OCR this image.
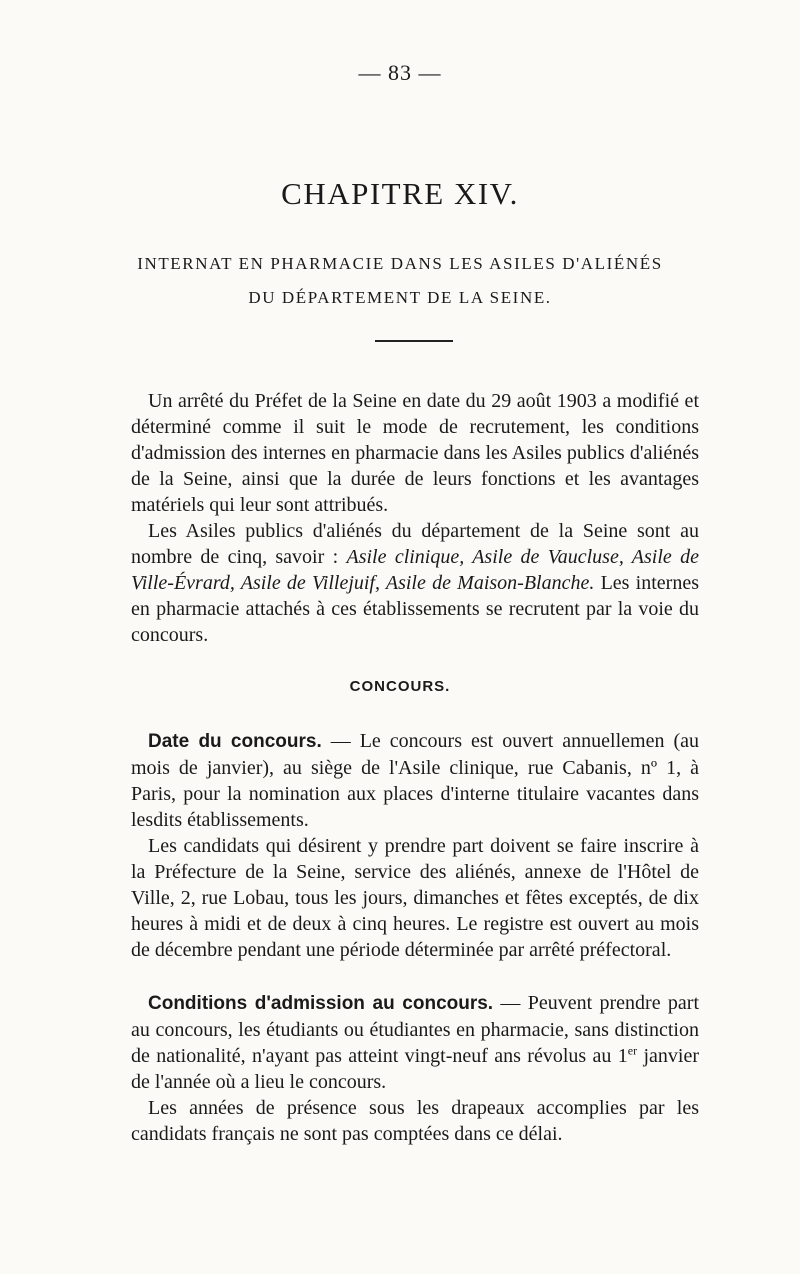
— 83 —
CHAPITRE XIV.
INTERNAT EN PHARMACIE DANS LES ASILES D'ALIÉNÉS
DU DÉPARTEMENT DE LA SEINE.

Un arrêté du Préfet de la Seine en date du 29 août 1903 a modifié et déterminé comme il suit le mode de recrutement, les conditions d'admission des internes en pharmacie dans les Asiles publics d'aliénés de la Seine, ainsi que la durée de leurs fonctions et les avantages matériels qui leur sont attribués.

Les Asiles publics d'aliénés du département de la Seine sont au nombre de cinq, savoir : Asile clinique, Asile de Vaucluse, Asile de Ville-Évrard, Asile de Villejuif, Asile de Maison-Blanche. Les internes en pharmacie attachés à ces établissements se recrutent par la voie du concours.

CONCOURS.

Date du concours. — Le concours est ouvert annuellemen (au mois de janvier), au siège de l'Asile clinique, rue Cabanis, nº 1, à Paris, pour la nomination aux places d'interne titulaire vacantes dans lesdits établissements.

Les candidats qui désirent y prendre part doivent se faire inscrire à la Préfecture de la Seine, service des aliénés, annexe de l'Hôtel de Ville, 2, rue Lobau, tous les jours, dimanches et fêtes exceptés, de dix heures à midi et de deux à cinq heures. Le registre est ouvert au mois de décembre pendant une période déterminée par arrêté préfectoral.

Conditions d'admission au concours. — Peuvent prendre part au concours, les étudiants ou étudiantes en pharmacie, sans distinction de nationalité, n'ayant pas atteint vingt-neuf ans révolus au 1er janvier de l'année où a lieu le concours.

Les années de présence sous les drapeaux accomplies par les candidats français ne sont pas comptées dans ce délai.
